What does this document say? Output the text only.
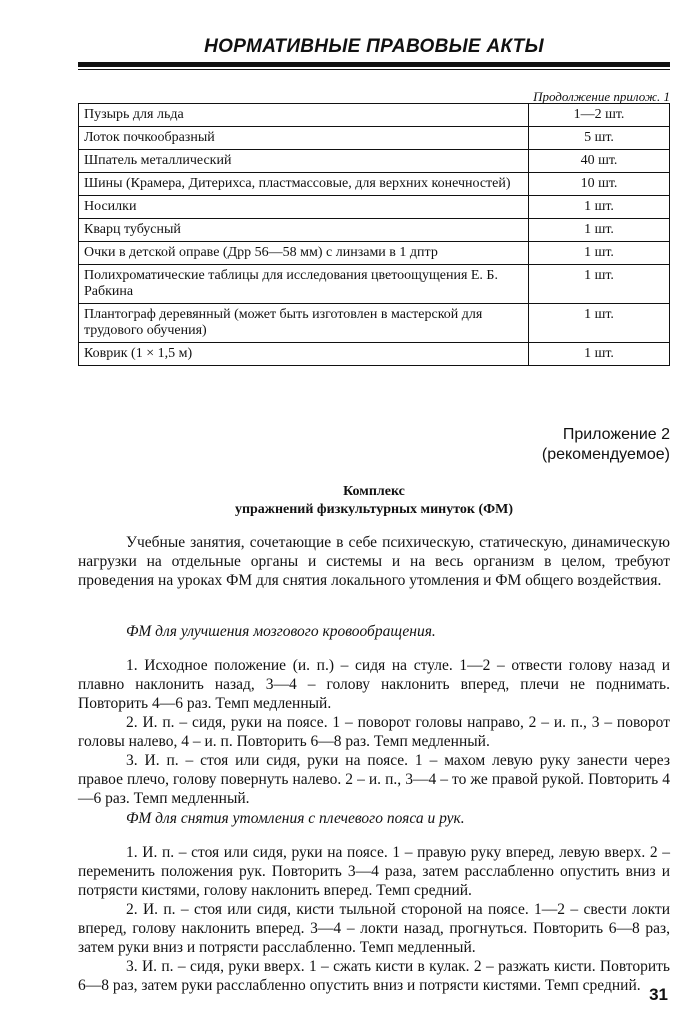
НОРМАТИВНЫЕ ПРАВОВЫЕ АКТЫ
Продолжение прилож. 1
Пузырь для льда	1—2 шт.
Лоток почкообразный	5 шт.
Шпатель металлический	40 шт.
Шины (Крамера, Дитерихса, пластмассовые, для верхних конечностей)	10 шт.
Носилки	1 шт.
Кварц тубусный	1 шт.
Очки в детской оправе (Дрр 56—58 мм) с линзами в 1 дптр	1 шт.
Полихроматические таблицы для исследования цветоощущения Е. Б. Рабкина	1 шт.
Плантограф деревянный (может быть изготовлен в мастерской для трудового обучения)	1 шт.
Коврик (1 × 1,5 м)	1 шт.
Приложение 2
(рекомендуемое)
Комплекс
упражнений физкультурных минуток (ФМ)

Учебные занятия, сочетающие в себе психическую, статическую, динамическую нагрузки на отдельные органы и системы и на весь организм в целом, требуют проведения на уроках ФМ для снятия локального утомления и ФМ общего воздействия.

ФМ для улучшения мозгового кровообращения.

1. Исходное положение (и. п.) – сидя на стуле. 1—2 – отвести голову назад и плавно наклонить назад, 3—4 – голову наклонить вперед, плечи не поднимать. Повторить 4—6 раз. Темп медленный.

2. И. п. – сидя, руки на поясе. 1 – поворот головы направо, 2 – и. п., 3 – поворот головы налево, 4 – и. п. Повторить 6—8 раз. Темп медленный.

3. И. п. – стоя или сидя, руки на поясе. 1 – махом левую руку занести через правое плечо, голову повернуть налево. 2 – и. п., 3—4 – то же правой рукой. Повторить 4—6 раз. Темп медленный.

ФМ для снятия утомления с плечевого пояса и рук.

1. И. п. – стоя или сидя, руки на поясе. 1 – правую руку вперед, левую вверх. 2 – переменить положения рук. Повторить 3—4 раза, затем расслабленно опустить вниз и потрясти кистями, голову наклонить вперед. Темп средний.

2. И. п. – стоя или сидя, кисти тыльной стороной на поясе. 1—2 – свести локти вперед, голову наклонить вперед. 3—4 – локти назад, прогнуться. Повторить 6—8 раз, затем руки вниз и потрясти расслабленно. Темп медленный.

3. И. п. – сидя, руки вверх. 1 – сжать кисти в кулак. 2 – разжать кисти. Повторить 6—8 раз, затем руки расслабленно опустить вниз и потрясти кистями. Темп средний. 31
